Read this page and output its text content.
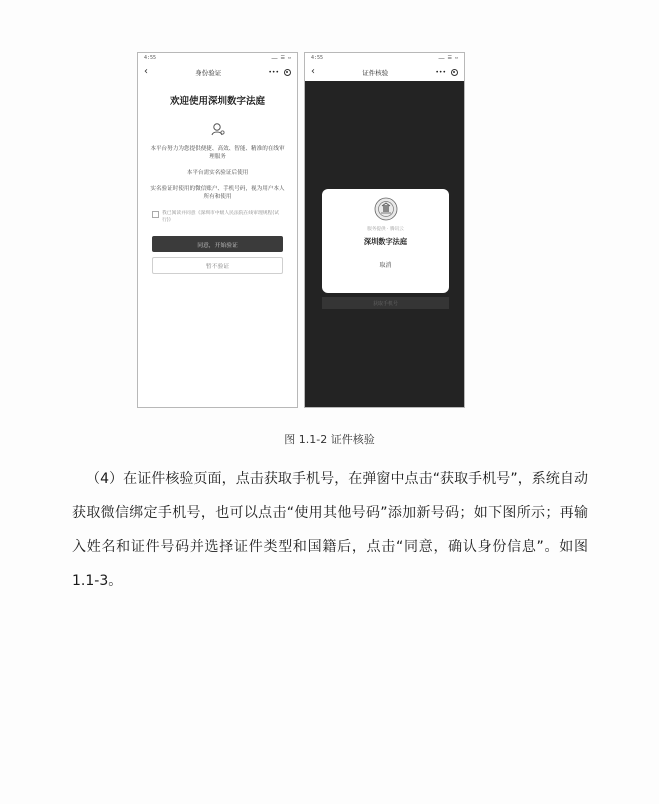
4:55	…… ☰ ▭
‹	身份验证	•••
欢迎使用深圳数字法庭
本平台努力为您提供便捷、高效、智能、精准的在线审理服务
本平台需实名验证后使用
实名验证时使用的微信账户、手机号码，视为用户本人所有和使用
我已阅读并同意《深圳市中级人民法院在线审理规程(试行)》
同意，开始验证
暂不验证
4:55	…… ☰ ▭
‹	证件核验	•••
服务提供 · 腾讯云
深圳数字法庭
取消
获取手机号
图 1.1-2 证件核验

（4）在证件核验页面，点击获取手机号，在弹窗中点击“获取手机号”，系统自动获取微信绑定手机号，也可以点击“使用其他号码”添加新号码；如下图所示；再输入姓名和证件号码并选择证件类型和国籍后，点击“同意，确认身份信息”。如图 1.1-3。
